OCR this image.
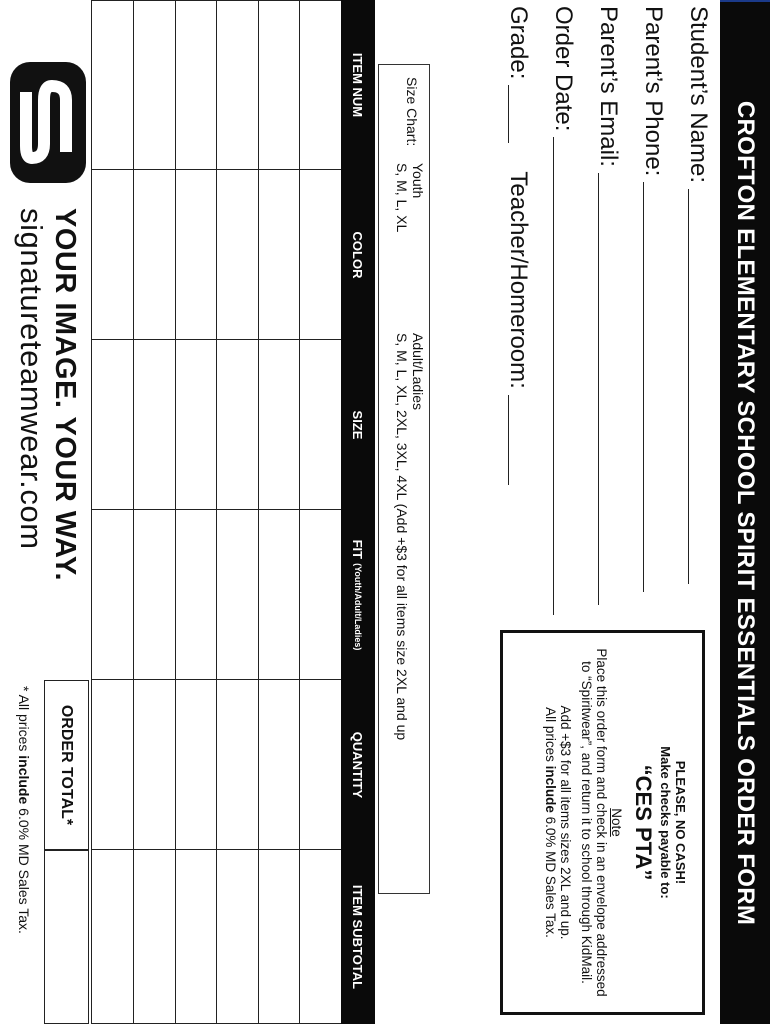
CROFTON ELEMENTARY SCHOOL SPIRIT ESSENTIALS ORDER FORM
Student’s Name:
Parent’s Phone:
Parent’s Email:
Order Date:
Grade:
Teacher/Homeroom:
Size Chart:
Youth
S, M, L, XL
Adult/Ladies
S, M, L, XL, 2XL, 3XL, 4XL (Add +$3 for all items size 2XL and up
PLEASE, NO CASH!
Make checks payable to:
“CES PTA”
Note
Place this order form and check in an envelope addressed to “Spiritwear”, and return it to school through KidMail.
Add +$3 for all items sizes 2XL and up.
All prices include 6.0% MD Sales Tax.
ITEM NUM
COLOR
SIZE
FIT
(Youth/Adult/Ladies)
QUANTITY
ITEM SUBTOTAL
ORDER TOTAL*
* All prices include 6.0% MD Sales Tax.
YOUR IMAGE. YOUR WAY.
signatureteamwear.com
